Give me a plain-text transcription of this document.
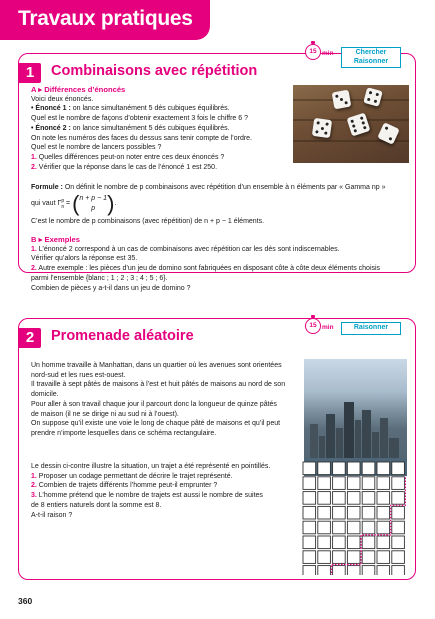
Travaux pratiques
1	Combinaisons avec répétition

A ▸ Différences d’énoncés

Voici deux énoncés.

• Énoncé 1 : on lance simultanément 5 dés cubiques équilibrés.

Quel est le nombre de façons d’obtenir exactement 3 fois le chiffre 6 ?

• Énoncé 2 : on lance simultanément 5 dés cubiques équilibrés.

On note les numéros des faces du dessus sans tenir compte de l’ordre.

Quel est le nombre de lancers possibles ?

1. Quelles différences peut-on noter entre ces deux énoncés ?

2. Vérifier que la réponse dans le cas de l’énoncé 1 est 250.

Formule : On définit le nombre de p combinaisons avec répétition d’un ensemble à n éléments par « Gamma np »

qui vaut Γ p
n = ( n + p − 1
p ).

C’est le nombre de p combinaisons (avec répétition) de n + p − 1 éléments.

B ▸ Exemples

1. L’énoncé 2 correspond à un cas de combinaisons avec répétition car les dés sont indiscernables.

Vérifier qu’alors la réponse est 35.

2. Autre exemple : les pièces d’un jeu de domino sont fabriquées en disposant côte à côte deux éléments choisis

parmi l’ensemble {blanc ; 1 ; 2 ; 3 ; 4 ; 5 ; 6}.

Combien de pièces y a-t-il dans un jeu de domino ?

15 min	Chercher
Raisonner
2	Promenade aléatoire

Un homme travaille à Manhattan, dans un quartier où les avenues sont orientées

nord-sud et les rues est-ouest.

Il travaille à sept pâtés de maisons à l’est et huit pâtés de maisons au nord de son

domicile.

Pour aller à son travail chaque jour il parcourt donc la longueur de quinze pâtés

de maison (il ne se dirige ni au sud ni à l’ouest).

On suppose qu’il existe une voie le long de chaque pâté de maisons et qu’il peut

prendre n’importe lesquelles dans ce schéma rectangulaire.

Le dessin ci-contre illustre la situation, un trajet a été représenté en pointillés.

1. Proposer un codage permettant de décrire le trajet représenté.

2. Combien de trajets différents l’homme peut-il emprunter ?

3. L’homme prétend que le nombre de trajets est aussi le nombre de suites

de 8 entiers naturels dont la somme est 8.

A-t-il raison ?

15 min	Raisonner
360
